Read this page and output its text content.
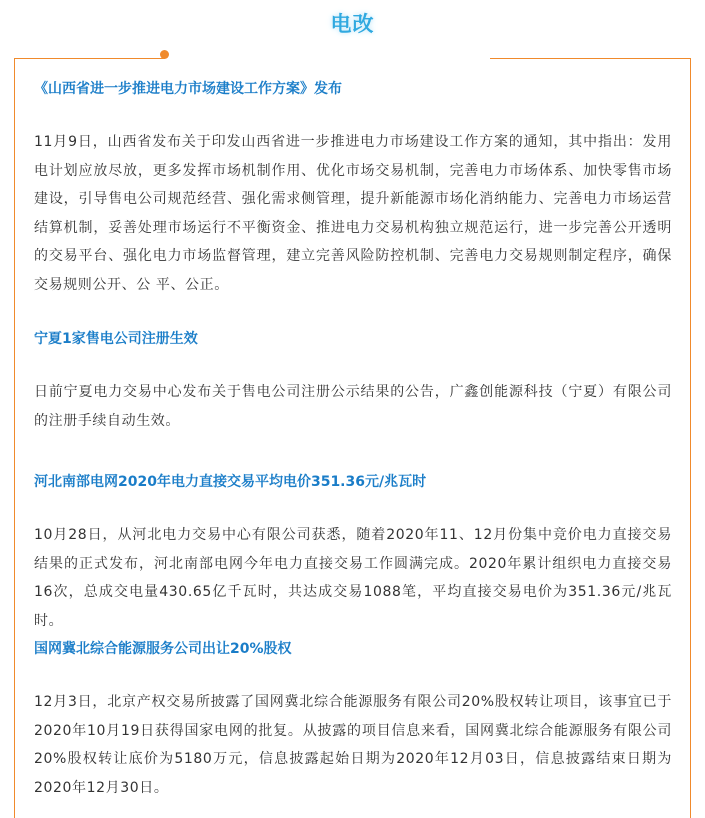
电改

《山西省进一步推进电力市场建设工作方案》发布

11月9日，山西省发布关于印发山西省进一步推进电力市场建设工作方案的通知，其中指出：发用电计划应放尽放，更多发挥市场机制作用、优化市场交易机制，完善电力市场体系、加快零售市场建设，引导售电公司规范经营、强化需求侧管理，提升新能源市场化消纳能力、完善电力市场运营结算机制，妥善处理市场运行不平衡资金、推进电力交易机构独立规范运行，进一步完善公开透明的交易平台、强化电力市场监督管理，建立完善风险防控机制、完善电力交易规则制定程序，确保交易规则公开、公 平、公正。

宁夏1家售电公司注册生效

日前宁夏电力交易中心发布关于售电公司注册公示结果的公告，广鑫创能源科技（宁夏）有限公司的注册手续自动生效。

河北南部电网2020年电力直接交易平均电价351.36元/兆瓦时

10月28日，从河北电力交易中心有限公司获悉，随着2020年11、12月份集中竞价电力直接交易结果的正式发布，河北南部电网今年电力直接交易工作圆满完成。2020年累计组织电力直接交易16次，总成交电量430.65亿千瓦时，共达成交易1088笔，平均直接交易电价为351.36元/兆瓦时。

国网冀北综合能源服务公司出让20%股权

12月3日，北京产权交易所披露了国网冀北综合能源服务有限公司20%股权转让项目，该事宜已于2020年10月19日获得国家电网的批复。从披露的项目信息来看，国网冀北综合能源服务有限公司20%股权转让底价为5180万元，信息披露起始日期为2020年12月03日，信息披露结束日期为2020年12月30日。
